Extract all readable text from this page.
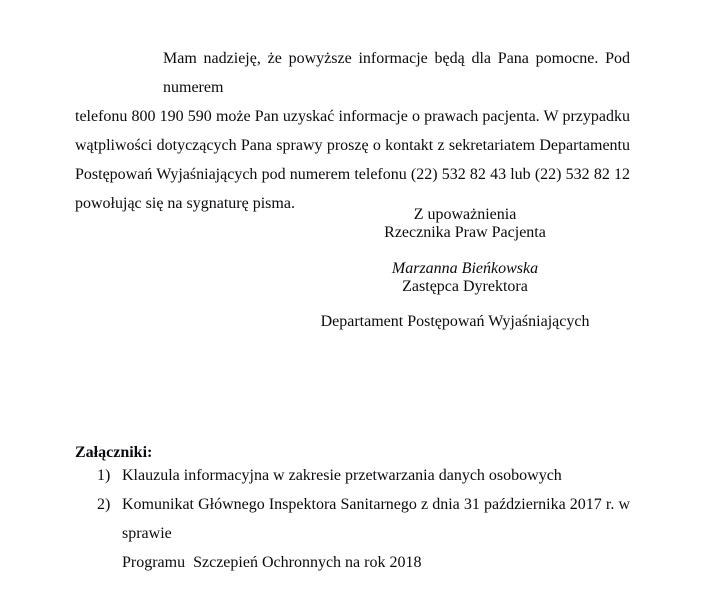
Mam nadzieję, że powyższe informacje będą dla Pana pomocne. Pod numerem
telefonu 800 190 590 może Pan uzyskać informacje o prawach pacjenta. W przypadku
wątpliwości dotyczących Pana sprawy proszę o kontakt z sekretariatem Departamentu
Postępowań Wyjaśniających pod numerem telefonu (22) 532 82 43 lub (22) 532 82 12
powołując się na sygnaturę pisma.
Z upoważnienia
Rzecznika Praw Pacjenta
Marzanna Bieńkowska
Zastępca Dyrektora
Departament Postępowań Wyjaśniających
Załączniki:
1) Klauzula informacyjna w zakresie przetwarzania danych osobowych
2) Komunikat Głównego Inspektora Sanitarnego z dnia 31 października 2017 r. w sprawie
Programu  Szczepień Ochronnych na rok 2018
